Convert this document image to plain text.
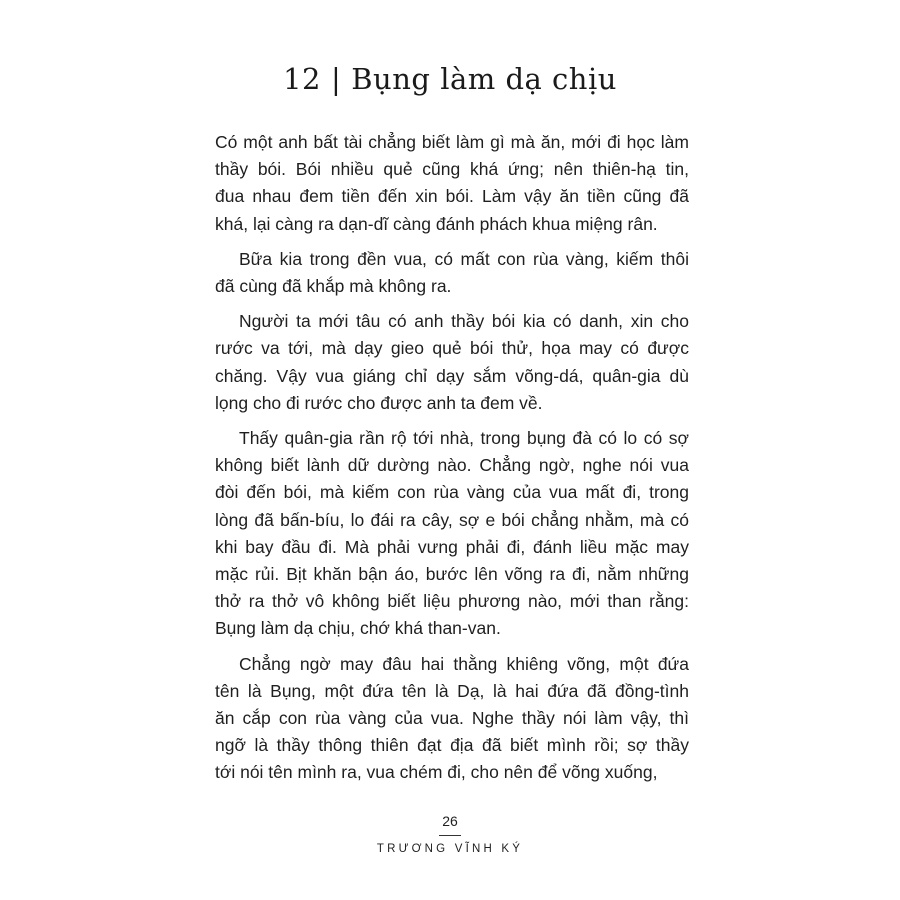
12 | Bụng làm dạ chịu

Có một anh bất tài chẳng biết làm gì mà ăn, mới đi học làm
thầy bói. Bói nhiều quẻ cũng khá ứng; nên thiên-hạ tin,
đua nhau đem tiền đến xin bói. Làm vậy ăn tiền cũng đã
khá, lại càng ra dạn-dĩ càng đánh phách khua miệng rân.

Bữa kia trong đền vua, có mất con rùa vàng, kiếm thôi
đã cùng đã khắp mà không ra.

Người ta mới tâu có anh thầy bói kia có danh, xin cho
rước va tới, mà dạy gieo quẻ bói thử, họa may có được
chăng. Vậy vua giáng chỉ dạy sắm võng-dá, quân-gia dù
lọng cho đi rước cho được anh ta đem về.

Thấy quân-gia rần rộ tới nhà, trong bụng đà có lo có sợ
không biết lành dữ dường nào. Chẳng ngờ, nghe nói vua
đòi đến bói, mà kiếm con rùa vàng của vua mất đi, trong
lòng đã bấn-bíu, lo đái ra cây, sợ e bói chẳng nhằm, mà có
khi bay đầu đi. Mà phải vưng phải đi, đánh liều mặc may
mặc rủi. Bịt khăn bận áo, bước lên võng ra đi, nằm những
thở ra thở vô không biết liệu phương nào, mới than rằng:
Bụng làm dạ chịu, chớ khá than-van.

Chẳng ngờ may đâu hai thằng khiêng võng, một đứa
tên là Bụng, một đứa tên là Dạ, là hai đứa đã đồng-tình
ăn cắp con rùa vàng của vua. Nghe thầy nói làm vậy, thì
ngỡ là thầy thông thiên đạt địa đã biết mình rồi; sợ thầy
tới nói tên mình ra, vua chém đi, cho nên để võng xuống,

26
TRƯƠNG VĨNH KÝ
